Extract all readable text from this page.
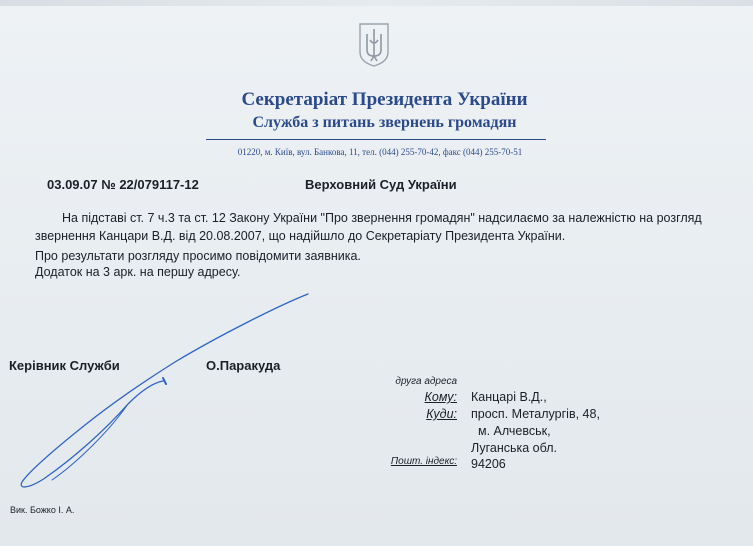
Секретаріат Президента України
Служба з питань звернень громадян
01220, м. Київ, вул. Банкова, 11, тел. (044) 255-70-42, факс (044) 255-70-51
03.09.07 № 22/079117-12	Верховний Суд України
На підставі ст. 7 ч.3 та ст. 12 Закону України "Про звернення громадян" надсилаємо за належністю на розгляд
звернення Канцари В.Д. від 20.08.2007, що надійшло до Секретаріату Президента України.
Про результати розгляду просимо повідомити заявника.
Додаток на 3 арк. на першу адресу.
Керівник Служби	О.Паракуда
друга адреса
Кому:
Куди:
Пошт. індекс:
Канцарі В.Д.,
просп. Металургів, 48,
м. Алчевськ,
Луганська обл.
94206
Вик. Божко І. А.
